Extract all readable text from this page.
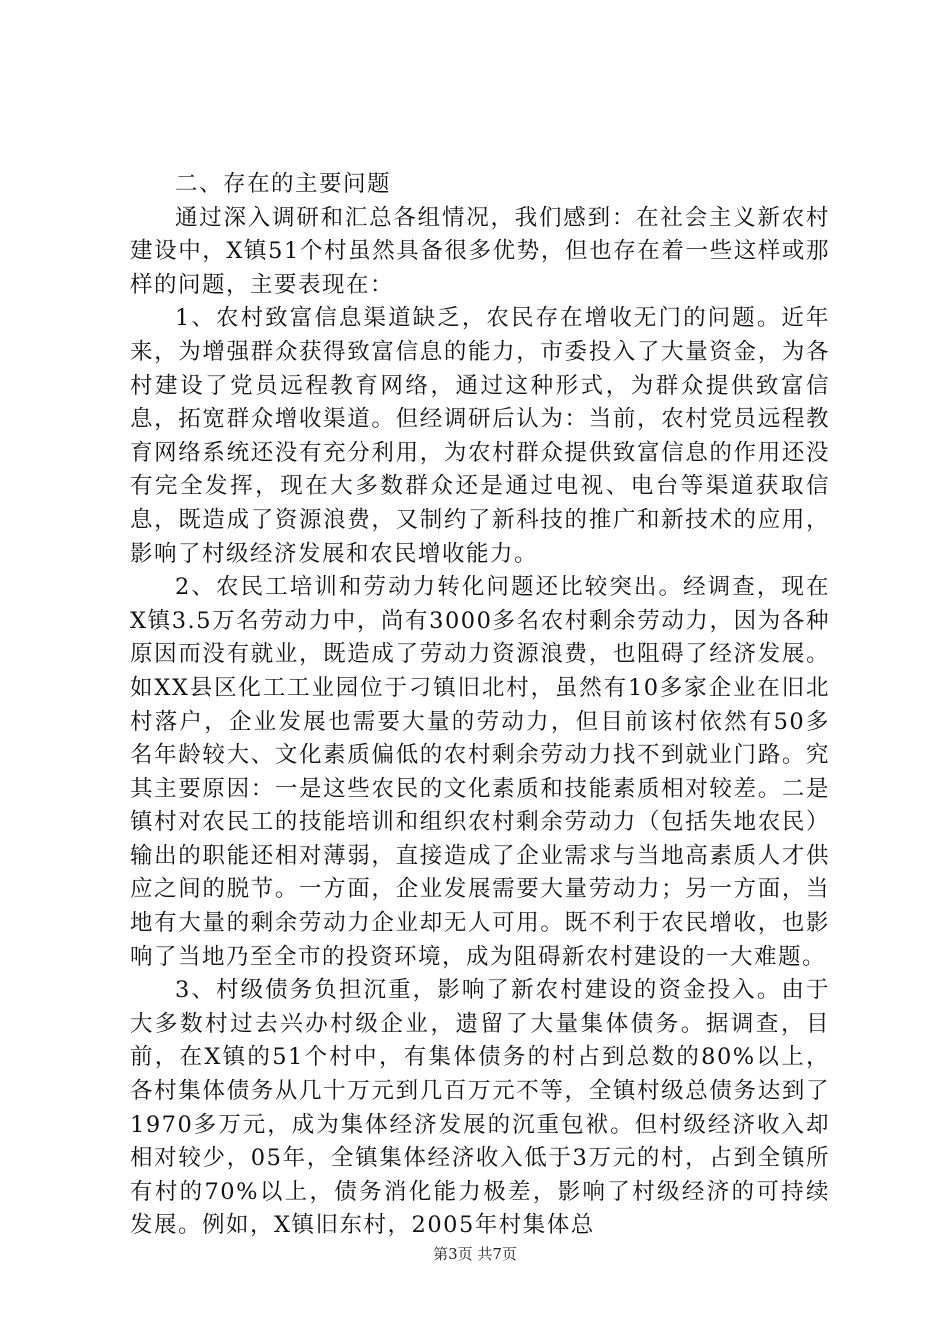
二、存在的主要问题

通过深入调研和汇总各组情况，我们感到：在社会主义新农村建设中，X镇51个村虽然具备很多优势，但也存在着一些这样或那样的问题，主要表现在：

1、农村致富信息渠道缺乏，农民存在增收无门的问题。近年来，为增强群众获得致富信息的能力，市委投入了大量资金，为各村建设了党员远程教育网络，通过这种形式，为群众提供致富信息，拓宽群众增收渠道。但经调研后认为：当前，农村党员远程教育网络系统还没有充分利用，为农村群众提供致富信息的作用还没有完全发挥，现在大多数群众还是通过电视、电台等渠道获取信息，既造成了资源浪费，又制约了新科技的推广和新技术的应用，影响了村级经济发展和农民增收能力。

2、农民工培训和劳动力转化问题还比较突出。经调查，现在X镇3.5万名劳动力中，尚有3000多名农村剩余劳动力，因为各种原因而没有就业，既造成了劳动力资源浪费，也阻碍了经济发展。如XX县区化工工业园位于刁镇旧北村，虽然有10多家企业在旧北村落户，企业发展也需要大量的劳动力，但目前该村依然有50多名年龄较大、文化素质偏低的农村剩余劳动力找不到就业门路。究其主要原因：一是这些农民的文化素质和技能素质相对较差。二是镇村对农民工的技能培训和组织农村剩余劳动力（包括失地农民）输出的职能还相对薄弱，直接造成了企业需求与当地高素质人才供应之间的脱节。一方面，企业发展需要大量劳动力；另一方面，当地有大量的剩余劳动力企业却无人可用。既不利于农民增收，也影响了当地乃至全市的投资环境，成为阻碍新农村建设的一大难题。

3、村级债务负担沉重，影响了新农村建设的资金投入。由于大多数村过去兴办村级企业，遗留了大量集体债务。据调查，目前，在X镇的51个村中，有集体债务的村占到总数的80%以上，各村集体债务从几十万元到几百万元不等，全镇村级总债务达到了1970多万元，成为集体经济发展的沉重包袱。但村级经济收入却相对较少，05年，全镇集体经济收入低于3万元的村，占到全镇所有村的70%以上，债务消化能力极差，影响了村级经济的可持续发展。例如，X镇旧东村，2005年村集体总

第3页 共7页
